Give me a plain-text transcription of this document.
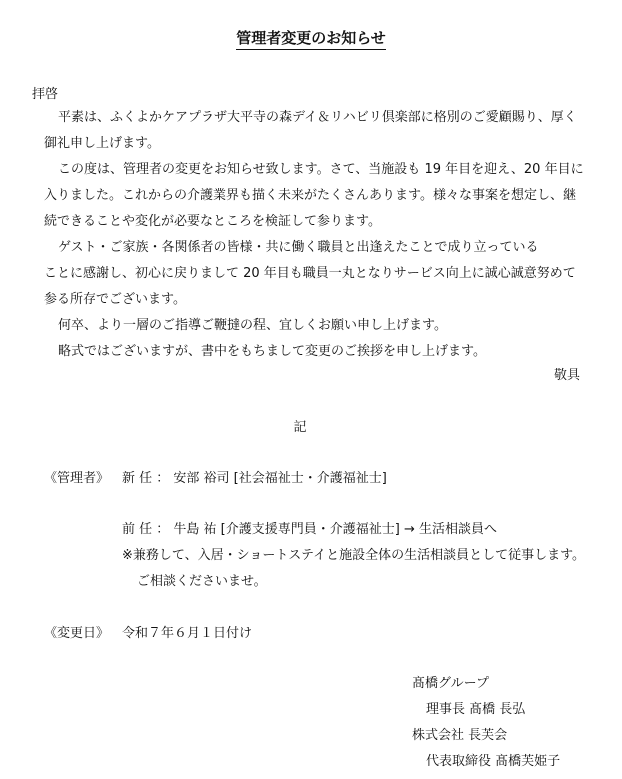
管理者変更のお知らせ
拝啓
平素は、ふくよかケアプラザ大平寺の森デイ＆リハビリ倶楽部に格別のご愛顧賜り、厚く
御礼申し上げます。
この度は、管理者の変更をお知らせ致します。さて、当施設も 19 年目を迎え、20 年目に
入りました。これからの介護業界も描く未来がたくさんあります。様々な事案を想定し、継
続できることや変化が必要なところを検証して参ります。
ゲスト・ご家族・各関係者の皆様・共に働く職員と出逢えたことで成り立っている
ことに感謝し、初心に戻りまして 20 年目も職員一丸となりサービス向上に誠心誠意努めて
参る所存でございます。
何卒、より一層のご指導ご鞭撻の程、宜しくお願い申し上げます。
略式ではございますが、書中をもちまして変更のご挨拶を申し上げます。
敬具
記
《管理者》 新 任 ： 安部 裕司 [社会福祉士・介護福祉士]
前 任 ： 牛島 祐 [介護支援専門員・介護福祉士] → 生活相談員へ
※兼務して、入居・ショートステイと施設全体の生活相談員として従事します。
ご相談くださいませ。
《変更日》 令和７年６月１日付け
髙橋グループ
理事長 髙橋 長弘
株式会社 長芙会
代表取締役 髙橋芙姫子
